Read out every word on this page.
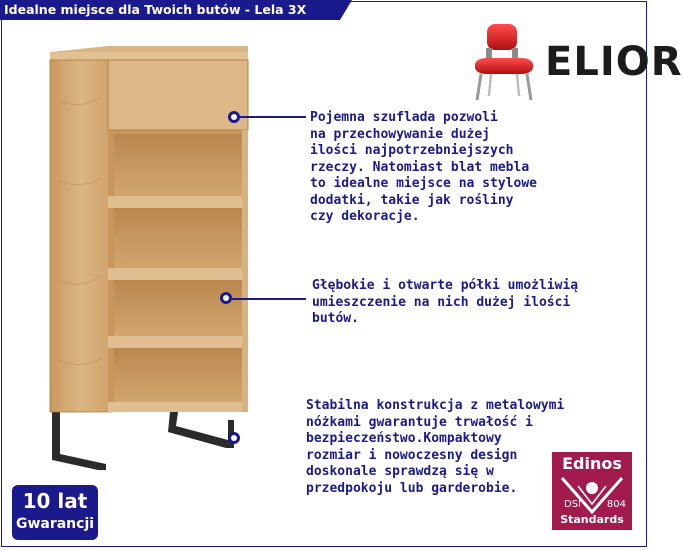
Idealne miejsce dla Twoich butów - Lela 3X
ELIOR
Pojemna szuflada pozwoli
na przechowywanie dużej
ilości najpotrzebniejszych
rzeczy. Natomiast blat mebla
to idealne miejsce na stylowe
dodatki, takie jak rośliny
czy dekoracje.
Głębokie i otwarte półki umożliwią
umieszczenie na nich dużej ilości
butów.
Stabilna konstrukcja z metalowymi
nóżkami gwarantuje trwałość i
bezpieczeństwo.Kompaktowy
rozmiar i nowoczesny design
doskonale sprawdzą się w
przedpokoju lub garderobie.
10 lat
Gwarancji
Edinos
DSI	804
Standards
